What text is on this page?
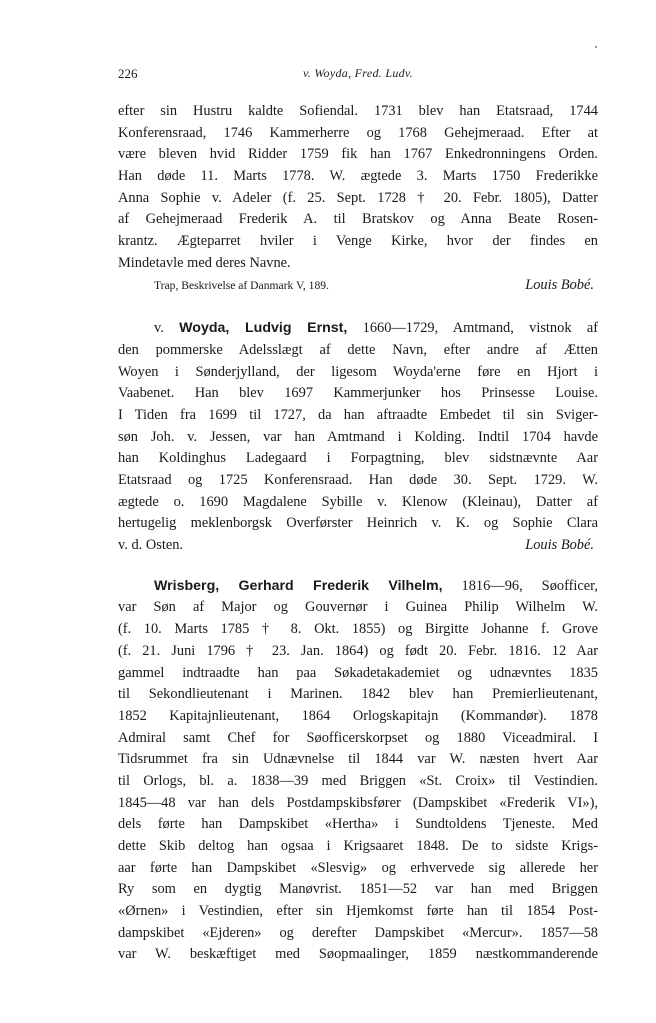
226	v. Woyda, Fred. Ludv.
efter sin Hustru kaldte Sofiendal. 1731 blev han Etatsraad, 1744
Konferensraad, 1746 Kammerherre og 1768 Gehejmeraad. Efter at
være bleven hvid Ridder 1759 fik han 1767 Enkedronningens Orden.
Han døde 11. Marts 1778. W. ægtede 3. Marts 1750 Frederikke
Anna Sophie v. Adeler (f. 25. Sept. 1728 † 20. Febr. 1805), Datter
af Gehejmeraad Frederik A. til Bratskov og Anna Beate Rosen-
krantz. Ægteparret hviler i Venge Kirke, hvor der findes en
Mindetavle med deres Navne.
Trap, Beskrivelse af Danmark V, 189.	Louis Bobé.
v. Woyda, Ludvig Ernst, 1660—1729, Amtmand, vistnok af
den pommerske Adelsslægt af dette Navn, efter andre af Ætten
Woyen i Sønderjylland, der ligesom Woyda'erne føre en Hjort i
Vaabenet. Han blev 1697 Kammerjunker hos Prinsesse Louise.
I Tiden fra 1699 til 1727, da han aftraadte Embedet til sin Sviger-
søn Joh. v. Jessen, var han Amtmand i Kolding. Indtil 1704 havde
han Koldinghus Ladegaard i Forpagtning, blev sidstnævnte Aar
Etatsraad og 1725 Konferensraad. Han døde 30. Sept. 1729. W.
ægtede o. 1690 Magdalene Sybille v. Klenow (Kleinau), Datter af
hertugelig meklenborgsk Overførster Heinrich v. K. og Sophie Clara
v. d. Osten.	Louis Bobé.
Wrisberg, Gerhard Frederik Vilhelm, 1816—96, Søofficer,
var Søn af Major og Gouvernør i Guinea Philip Wilhelm W.
(f. 10. Marts 1785 † 8. Okt. 1855) og Birgitte Johanne f. Grove
(f. 21. Juni 1796 † 23. Jan. 1864) og født 20. Febr. 1816. 12 Aar
gammel indtraadte han paa Søkadetakademiet og udnævntes 1835
til Sekondlieutenant i Marinen. 1842 blev han Premierlieutenant,
1852 Kapitajnlieutenant, 1864 Orlogskapitajn (Kommandør). 1878
Admiral samt Chef for Søofficerskorpset og 1880 Viceadmiral. I
Tidsrummet fra sin Udnævnelse til 1844 var W. næsten hvert Aar
til Orlogs, bl. a. 1838—39 med Briggen «St. Croix» til Vestindien.
1845—48 var han dels Postdampskibsfører (Dampskibet «Frederik VI»),
dels førte han Dampskibet «Hertha» i Sundtoldens Tjeneste. Med
dette Skib deltog han ogsaa i Krigsaaret 1848. De to sidste Krigs-
aar førte han Dampskibet «Slesvig» og erhvervede sig allerede her
Ry som en dygtig Manøvrist. 1851—52 var han med Briggen
«Ørnen» i Vestindien, efter sin Hjemkomst førte han til 1854 Post-
dampskibet «Ejderen» og derefter Dampskibet «Mercur». 1857—58
var W. beskæftiget med Søopmaalinger, 1859 næstkommanderende
